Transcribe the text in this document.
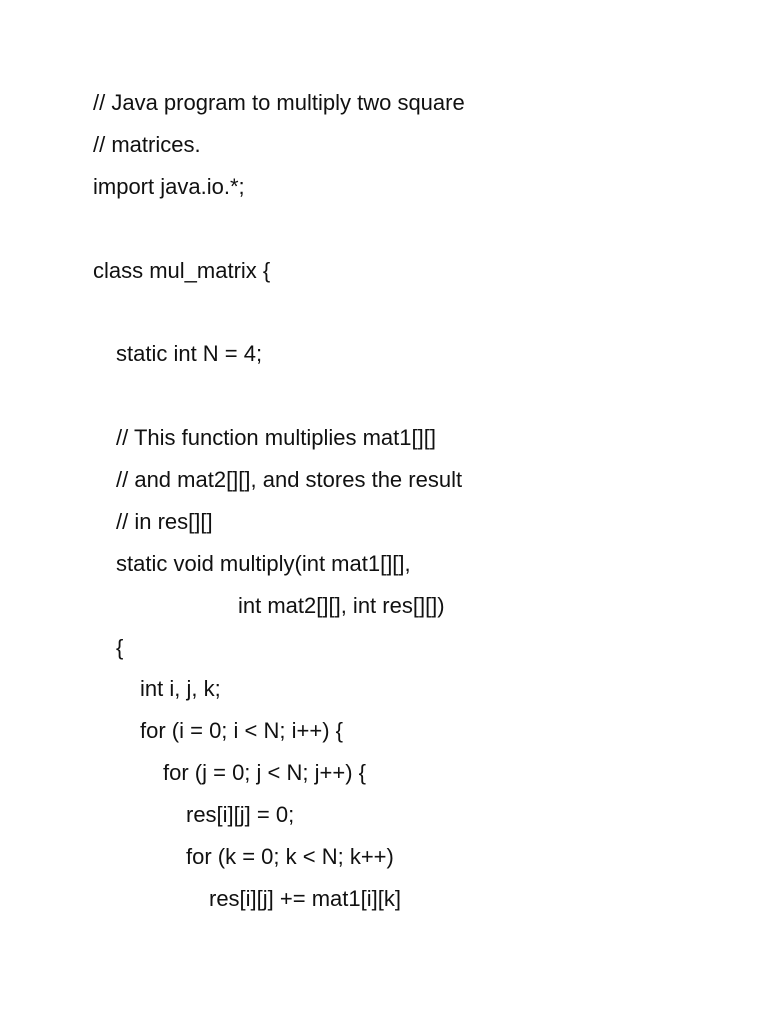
// Java program to multiply two square
// matrices.
import java.io.*;
class mul_matrix {
static int N = 4;
// This function multiplies mat1[][]
// and mat2[][], and stores the result
// in res[][]
static void multiply(int mat1[][],
int mat2[][], int res[][])
{
int i, j, k;
for (i = 0; i < N; i++) {
for (j = 0; j < N; j++) {
res[i][j] = 0;
for (k = 0; k < N; k++)
res[i][j] += mat1[i][k]
